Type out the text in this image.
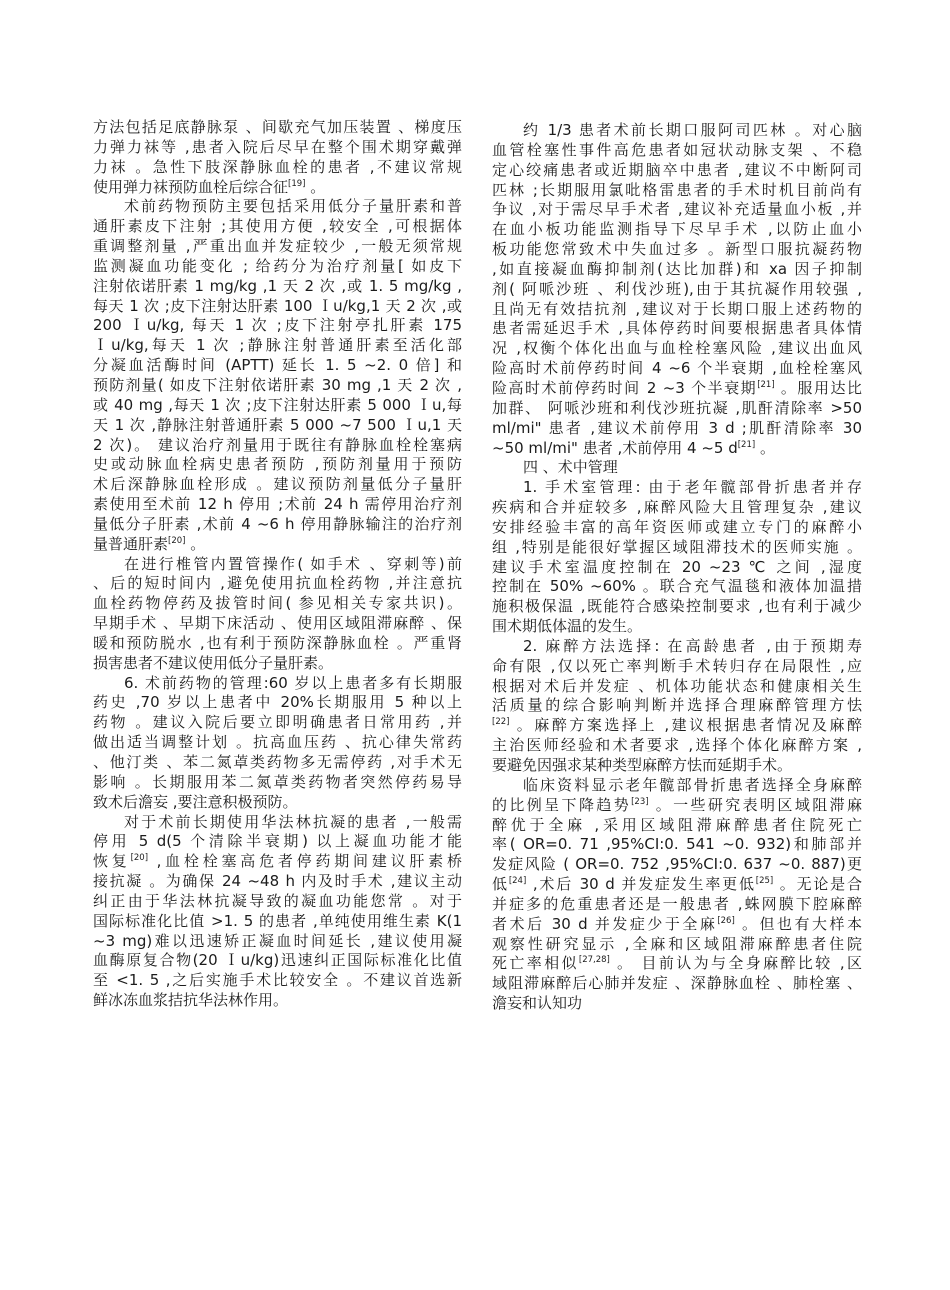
方法包括足底静脉泵 、间歇充气加压装置 、梯度压
力弹力袜等 ,患者入院后尽早在整个围术期穿戴弹
力袜 。急性下肢深静脉血栓的患者 ,不建议常规
使用弹力袜预防血栓后综合征[19] 。
术前药物预防主要包括采用低分子量肝素和普
通肝素皮下注射 ;其使用方便 ,较安全 ,可根据体
重调整剂量 ,严重出血并发症较少 ,一般无须常规
监测凝血功能变化 ; 给药分为治疗剂量[ 如皮下
注射依诺肝素 1 mg/kg ,1 天 2 次 ,或 1. 5 mg/kg ,
每天 1 次 ;皮下注射达肝素 100 Ｉu/kg,1 天 2 次 ,或
200 Ｉu/kg, 每天 1 次 ;皮下注射亭扎肝素 175
Ｉu/kg,每天 1 次 ;静脉注射普通肝素至活化部
分凝血活酶时间 (APTT) 延长 1. 5 ~2. 0 倍] 和
预防剂量( 如皮下注射依诺肝素 30 mg ,1 天 2 次 ,
或 40 mg ,每天 1 次 ;皮下注射达肝素 5 000 Ｉu,每
天 1 次 ,静脉注射普通肝素 5 000 ~7 500 Ｉu,1 天
2 次)。 建议治疗剂量用于既往有静脉血栓栓塞病
史或动脉血栓病史患者预防 ,预防剂量用于预防
术后深静脉血栓形成 。建议预防剂量低分子量肝
素使用至术前 12 h 停用 ;术前 24 h 需停用治疗剂
量低分子肝素 ,术前 4 ~6 h 停用静脉输注的治疗剂
量普通肝素[20] 。
在进行椎管内置管操作( 如手术 、穿刺等)前
、后的短时间内 ,避免使用抗血栓药物 ,并注意抗
血栓药物停药及拔管时间( 参见相关专家共识)。
早期手术 、早期下床活动 、使用区域阻滞麻醉 、保
暖和预防脱水 ,也有利于预防深静脉血栓 。严重肾
损害患者不建议使用低分子量肝素。
6. 术前药物的管理:60 岁以上患者多有长期服
药史 ,70 岁以上患者中 20%长期服用 5 种以上
药物 。建议入院后要立即明确患者日常用药 ,并
做出适当调整计划 。抗高血压药 、抗心律失常药
、他汀类 、苯二氮䓬类药物多无需停药 ,对手术无
影响 。长期服用苯二氮䓬类药物者突然停药易导
致术后澹妄 ,要注意积极预防。
对于术前长期使用华法林抗凝的患者 ,一般需
停用 5 d(5 个清除半衰期) 以上凝血功能才能
恢复[20] ,血栓栓塞高危者停药期间建议肝素桥
接抗凝 。为确保 24 ~48 h 内及时手术 ,建议主动
纠正由于华法林抗凝导致的凝血功能您常 。对于
国际标准化比值 >1. 5 的患者 ,单纯使用维生素 K(1
~3 mg)难以迅速矫正凝血时间延长 ,建议使用凝
血酶原复合物(20 Ｉu/kg)迅速纠正国际标准化比值
至 <1. 5 ,之后实施手术比较安全 。不建议首选新
鲜冰冻血浆拮抗华法林作用。
约 1/3 患者术前长期口服阿司匹林 。对心脑
血管栓塞性事件高危患者如冠状动脉支架 、不稳
定心绞痛患者或近期脑卒中患者 ,建议不中断阿司
匹林 ;长期服用氯吡格雷患者的手术时机目前尚有
争议 ,对于需尽早手术者 ,建议补充适量血小板 ,并
在血小板功能监测指导下尽早手术 ,以防止血小
板功能您常致术中失血过多 。新型口服抗凝药物
,如直接凝血酶抑制剂(达比加群)和 xa 因子抑制
剂( 阿哌沙班 、利伐沙班),由于其抗凝作用较强 ,
且尚无有效拮抗剂 ,建议对于长期口服上述药物的
患者需延迟手术 ,具体停药时间要根据患者具体情
况 ,权衡个体化出血与血栓栓塞风险 ,建议出血风
险高时术前停药时间 4 ~6 个半衰期 ,血栓栓塞风
险高时术前停药时间 2 ~3 个半衰期[21] 。服用达比
加群、 阿哌沙班和利伐沙班抗凝 ,肌酐清除率 >50
ml/mi" 患者 ,建议术前停用 3 d ;肌酐清除率 30
~50 ml/mi" 患者 ,术前停用 4 ~5 d[21] 。
四 、术中管理
1. 手术室管理: 由于老年髋部骨折患者并存
疾病和合并症较多 ,麻醉风险大且管理复杂 ,建议
安排经验丰富的高年资医师或建立专门的麻醉小
组 ,特别是能很好掌握区域阻滞技术的医师实施 。
建议手术室温度控制在 20 ~23 ℃ 之间 ,湿度
控制在 50% ~60% 。联合充气温毯和液体加温措
施积极保温 ,既能符合感染控制要求 ,也有利于减少
围术期低体温的发生。
2. 麻醉方法选择: 在高龄患者 ,由于预期寿
命有限 ,仅以死亡率判断手术转归存在局限性 ,应
根据对术后并发症 、机体功能状态和健康相关生
活质量的综合影响判断并选择合理麻醉管理方怯
[22] 。麻醉方案选择上 ,建议根据患者情况及麻醉
主治医师经验和术者要求 ,选择个体化麻醉方案 ,
要避免因强求某种类型麻醉方怯而延期手术。
临床资料显示老年髋部骨折患者选择全身麻醉
的比例呈下降趋势[23] 。一些研究表明区域阻滞麻
醉优于全麻 ,采用区域阻滞麻醉患者住院死亡
率( OR=0. 71 ,95%CI:0. 541 ~0. 932)和肺部并
发症风险 ( OR=0. 752 ,95%CI:0. 637 ~0. 887)更
低[24] ,术后 30 d 并发症发生率更低[25] 。无论是合
并症多的危重患者还是一般患者 ,蛛网膜下腔麻醉
者术后 30 d 并发症少于全麻[26] 。但也有大样本
观察性研究显示 ,全麻和区域阻滞麻醉患者住院
死亡率相似[27,28] 。 目前认为与全身麻醉比较 ,区
域阻滞麻醉后心肺并发症 、深静脉血栓 、肺栓塞 、
澹妄和认知功
